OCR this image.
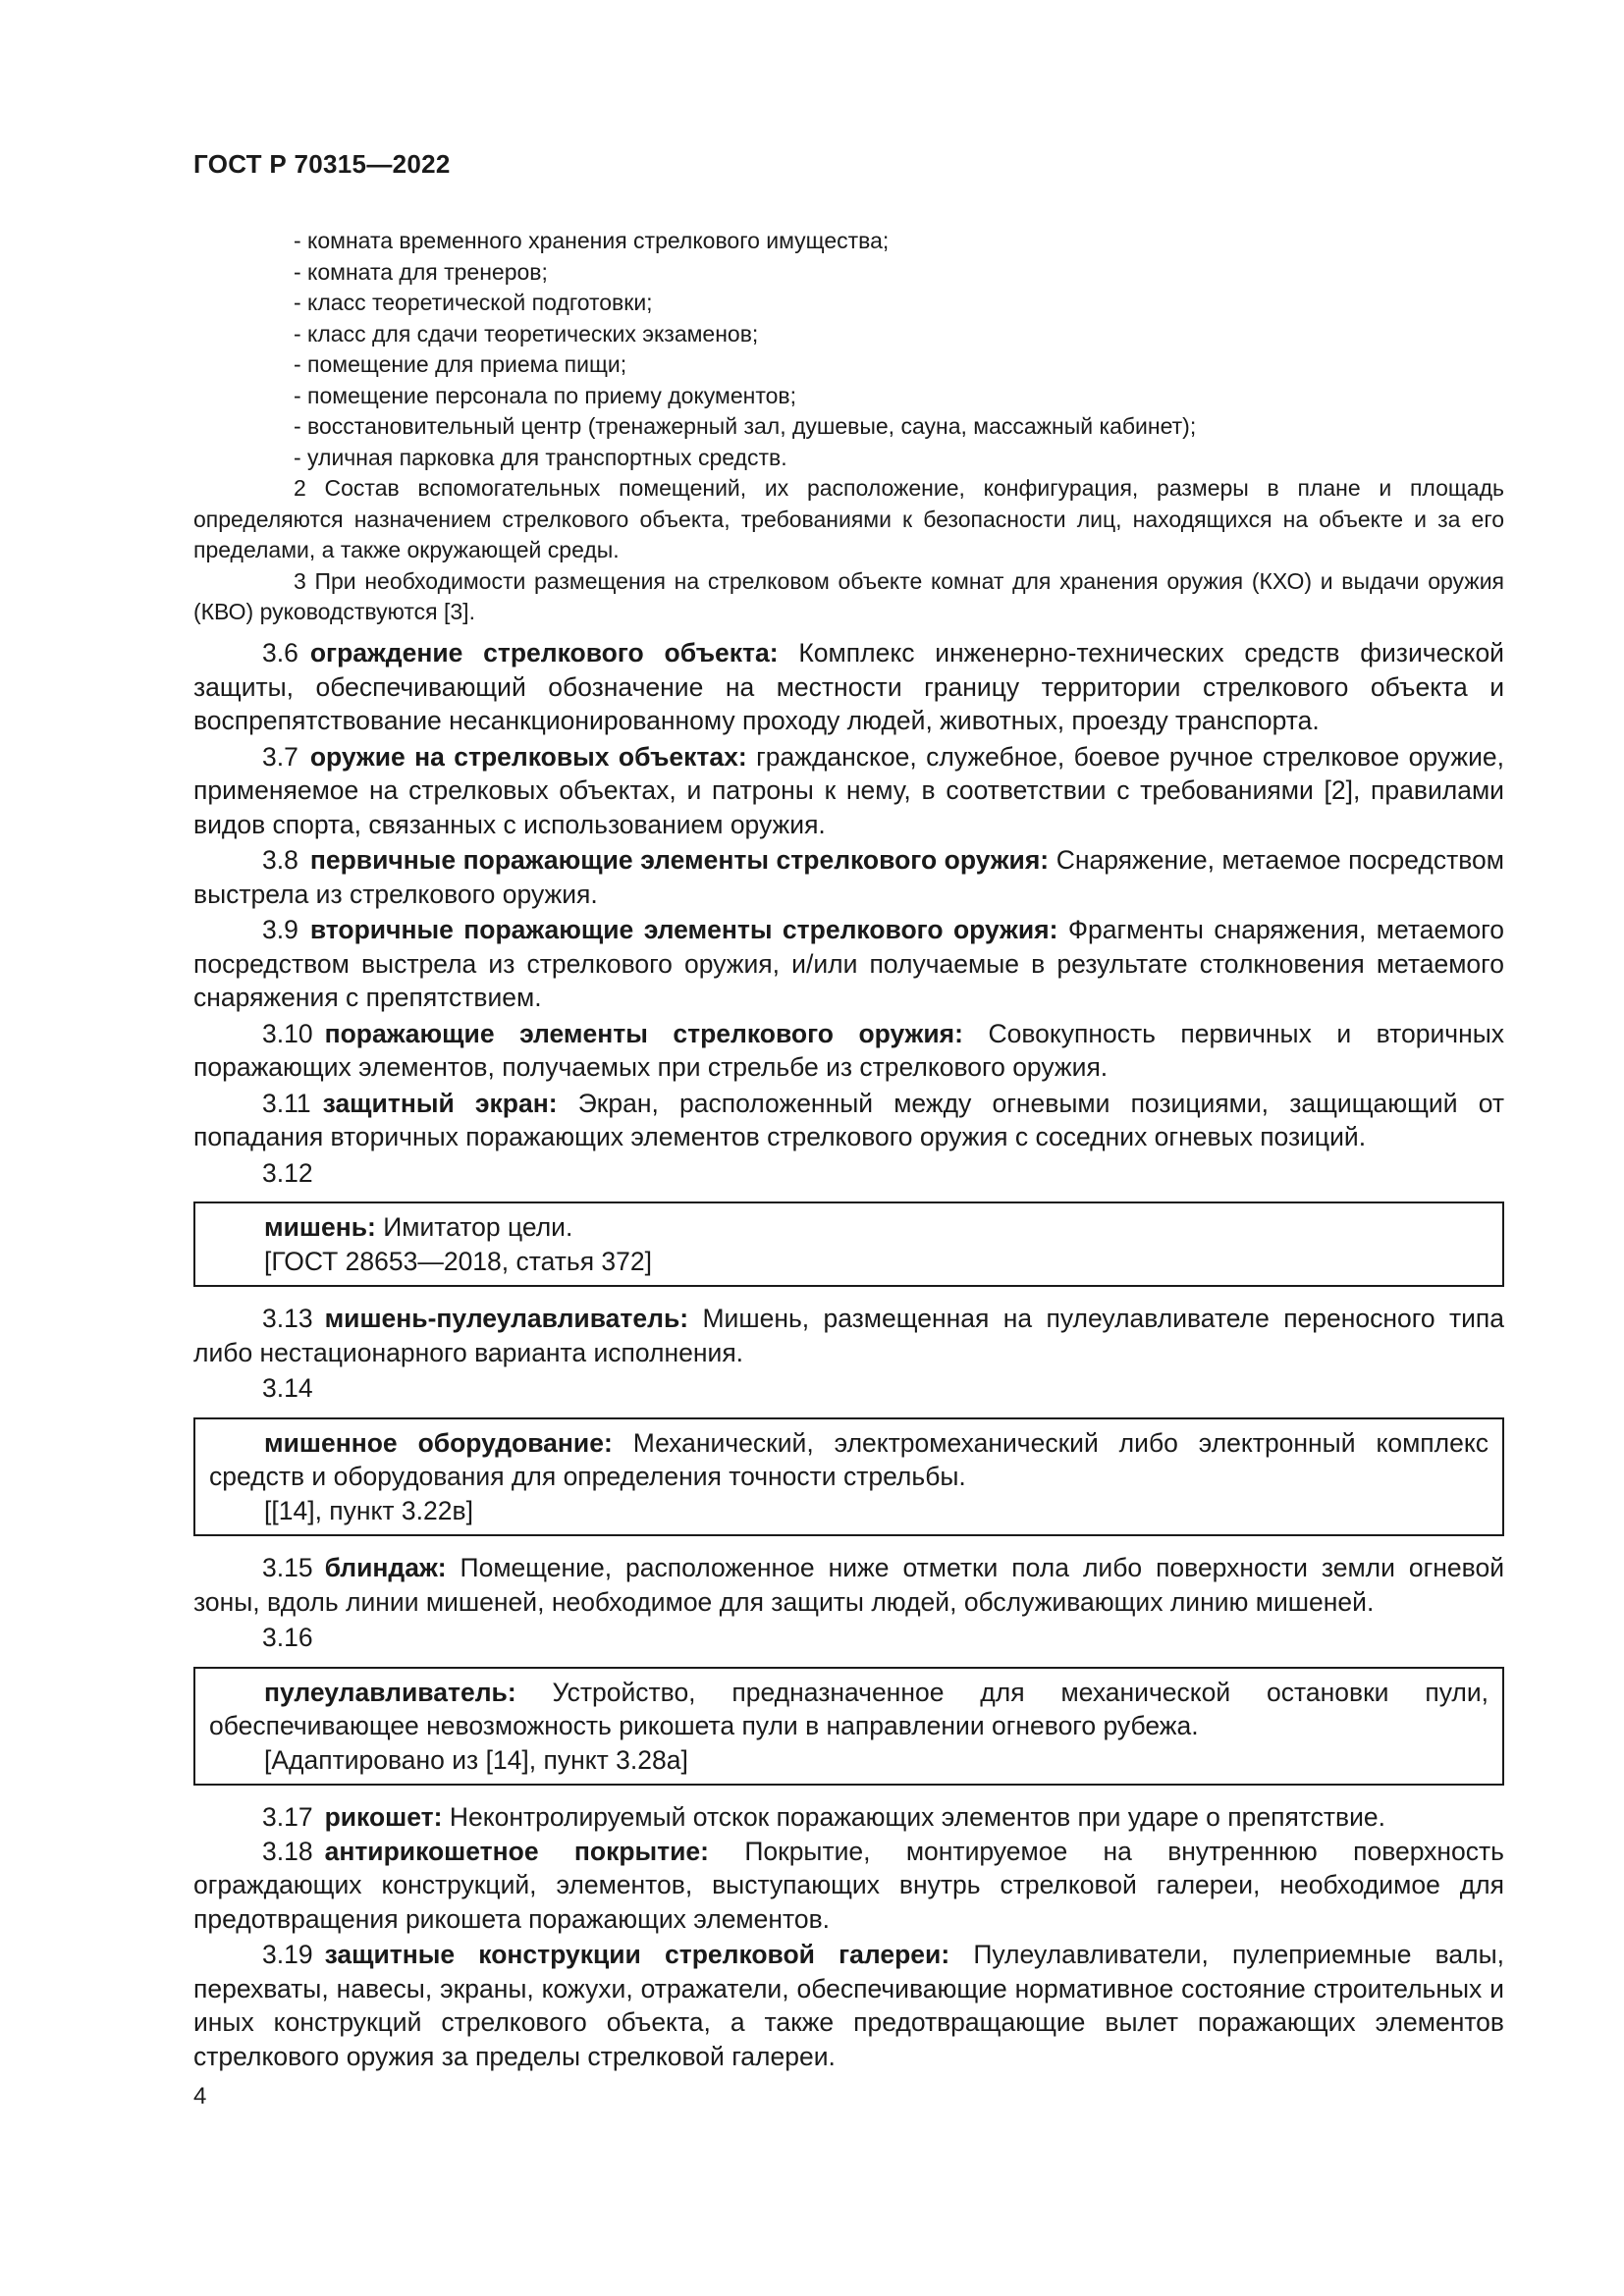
ГОСТ Р 70315—2022
- комната временного хранения стрелкового имущества;
- комната для тренеров;
- класс теоретической подготовки;
- класс для сдачи теоретических экзаменов;
- помещение для приема пищи;
- помещение персонала по приему документов;
- восстановительный центр (тренажерный зал, душевые, сауна, массажный кабинет);
- уличная парковка для транспортных средств.
2 Состав вспомогательных помещений, их расположение, конфигурация, размеры в плане и площадь определяются назначением стрелкового объекта, требованиями к безопасности лиц, находящихся на объекте и за его пределами, а также окружающей среды.
3 При необходимости размещения на стрелковом объекте комнат для хранения оружия (КХО) и выдачи оружия (КВО) руководствуются [3].
3.6 ограждение стрелкового объекта: Комплекс инженерно-технических средств физической защиты, обеспечивающий обозначение на местности границу территории стрелкового объекта и воспрепятствование несанкционированному проходу людей, животных, проезду транспорта.
3.7 оружие на стрелковых объектах: гражданское, служебное, боевое ручное стрелковое оружие, применяемое на стрелковых объектах, и патроны к нему, в соответствии с требованиями [2], правилами видов спорта, связанных с использованием оружия.
3.8 первичные поражающие элементы стрелкового оружия: Снаряжение, метаемое посредством выстрела из стрелкового оружия.
3.9 вторичные поражающие элементы стрелкового оружия: Фрагменты снаряжения, метаемого посредством выстрела из стрелкового оружия, и/или получаемые в результате столкновения метаемого снаряжения с препятствием.
3.10 поражающие элементы стрелкового оружия: Совокупность первичных и вторичных поражающих элементов, получаемых при стрельбе из стрелкового оружия.
3.11 защитный экран: Экран, расположенный между огневыми позициями, защищающий от попадания вторичных поражающих элементов стрелкового оружия с соседних огневых позиций.
3.12
мишень: Имитатор цели.
[ГОСТ 28653—2018, статья 372]
3.13 мишень-пулеулавливатель: Мишень, размещенная на пулеулавливателе переносного типа либо нестационарного варианта исполнения.
3.14
мишенное оборудование: Механический, электромеханический либо электронный комплекс средств и оборудования для определения точности стрельбы.
[[14], пункт 3.22в]
3.15 блиндаж: Помещение, расположенное ниже отметки пола либо поверхности земли огневой зоны, вдоль линии мишеней, необходимое для защиты людей, обслуживающих линию мишеней.
3.16
пулеулавливатель: Устройство, предназначенное для механической остановки пули, обеспечивающее невозможность рикошета пули в направлении огневого рубежа.
[Адаптировано из [14], пункт 3.28а]
3.17 рикошет: Неконтролируемый отскок поражающих элементов при ударе о препятствие.
3.18 антирикошетное покрытие: Покрытие, монтируемое на внутреннюю поверхность ограждающих конструкций, элементов, выступающих внутрь стрелковой галереи, необходимое для предотвращения рикошета поражающих элементов.
3.19 защитные конструкции стрелковой галереи: Пулеулавливатели, пулеприемные валы, перехваты, навесы, экраны, кожухи, отражатели, обеспечивающие нормативное состояние строительных и иных конструкций стрелкового объекта, а также предотвращающие вылет поражающих элементов стрелкового оружия за пределы стрелковой галереи.
4
